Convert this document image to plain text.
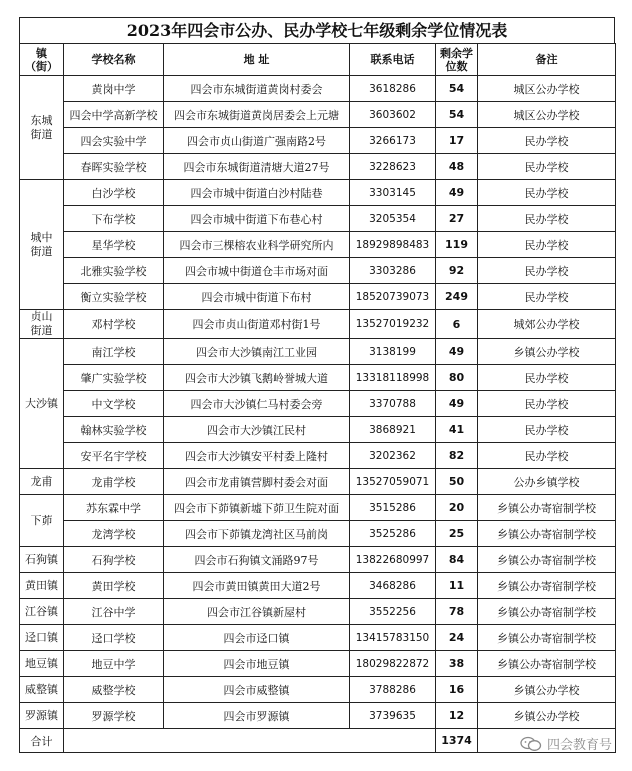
2023年四会市公办、民办学校七年级剩余学位情况表
镇
（街）	学校名称	地 址	联系电话	剩余学
位数	备注
东城
街道	黄岗中学	四会市东城街道黄岗村委会	3618286	54	城区公办学校
	四会中学高新学校	四会市东城街道黄岗居委会上元塘	3603602	54	城区公办学校
	四会实验中学	四会市贞山街道广强南路2号	3266173	17	民办学校
	春晖实验学校	四会市东城街道清塘大道27号	3228623	48	民办学校
城中
街道	白沙学校	四会市城中街道白沙村陆巷	3303145	49	民办学校
	下布学校	四会市城中街道下布巷心村	3205354	27	民办学校
	星华学校	四会市三棵榕农业科学研究所内	18929898483	119	民办学校
	北雅实验学校	四会市城中街道仓丰市场对面	3303286	92	民办学校
	衡立实验学校	四会市城中街道下布村	18520739073	249	民办学校
贞山
街道	邓村学校	四会市贞山街道邓村街1号	13527019232	6	城郊公办学校
大沙镇	南江学校	四会市大沙镇南江工业园	3138199	49	乡镇公办学校
	肇广实验学校	四会市大沙镇飞鹅岭誉城大道	13318118998	80	民办学校
	中文学校	四会市大沙镇仁马村委会旁	3370788	49	民办学校
	翰林实验学校	四会市大沙镇江民村	3868921	41	民办学校
	安平名宇学校	四会市大沙镇安平村委上隆村	3202362	82	民办学校
龙甫	龙甫学校	四会市龙甫镇营脚村委会对面	13527059071	50	公办乡镇学校
下茆	苏东霖中学	四会市下茆镇新墟下茆卫生院对面	3515286	20	乡镇公办寄宿制学校
	龙湾学校	四会市下茆镇龙湾社区马前岗	3525286	25	乡镇公办寄宿制学校
石狗镇	石狗学校	四会市石狗镇文涌路97号	13822680997	84	乡镇公办寄宿制学校
黄田镇	黄田学校	四会市黄田镇黄田大道2号	3468286	11	乡镇公办寄宿制学校
江谷镇	江谷中学	四会市江谷镇新屋村	3552256	78	乡镇公办寄宿制学校
迳口镇	迳口学校	四会市迳口镇	13415783150	24	乡镇公办寄宿制学校
地豆镇	地豆中学	四会市地豆镇	18029822872	38	乡镇公办寄宿制学校
威整镇	威整学校	四会市威整镇	3788286	16	乡镇公办学校
罗源镇	罗源学校	四会市罗源镇	3739635	12	乡镇公办学校
合计				1374		四会教育号
